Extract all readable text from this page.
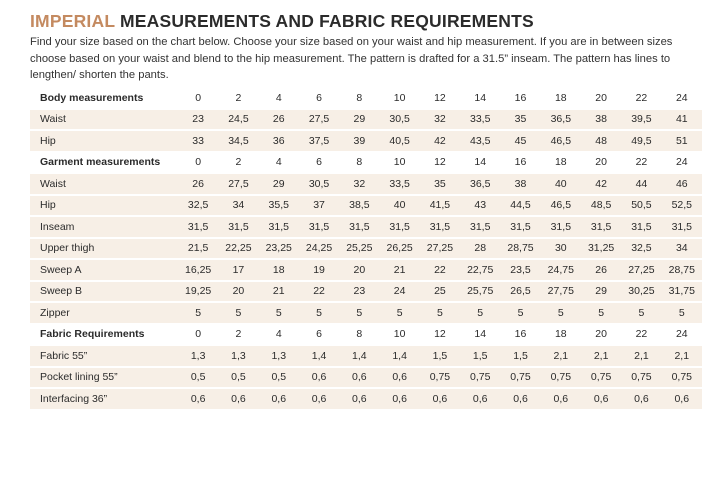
IMPERIAL MEASUREMENTS AND FABRIC REQUIREMENTS
Find your size based on the chart below. Choose your size based on your waist and hip measurement. If you are in between sizes choose based on your waist and blend to the hip measurement. The pattern is drafted for a 31.5” inseam. The pattern has lines to lengthen/ shorten the pants.
Body measurements	0	2	4	6	8	10	12	14	16	18	20	22	24
Waist	23	24,5	26	27,5	29	30,5	32	33,5	35	36,5	38	39,5	41
Hip	33	34,5	36	37,5	39	40,5	42	43,5	45	46,5	48	49,5	51
Garment measurements	0	2	4	6	8	10	12	14	16	18	20	22	24
Waist	26	27,5	29	30,5	32	33,5	35	36,5	38	40	42	44	46
Hip	32,5	34	35,5	37	38,5	40	41,5	43	44,5	46,5	48,5	50,5	52,5
Inseam	31,5	31,5	31,5	31,5	31,5	31,5	31,5	31,5	31,5	31,5	31,5	31,5	31,5
Upper thigh	21,5	22,25	23,25	24,25	25,25	26,25	27,25	28	28,75	30	31,25	32,5	34
Sweep A	16,25	17	18	19	20	21	22	22,75	23,5	24,75	26	27,25	28,75
Sweep B	19,25	20	21	22	23	24	25	25,75	26,5	27,75	29	30,25	31,75
Zipper	5	5	5	5	5	5	5	5	5	5	5	5	5
Fabric Requirements	0	2	4	6	8	10	12	14	16	18	20	22	24
Fabric 55”	1,3	1,3	1,3	1,4	1,4	1,4	1,5	1,5	1,5	2,1	2,1	2,1	2,1
Pocket lining 55”	0,5	0,5	0,5	0,6	0,6	0,6	0,75	0,75	0,75	0,75	0,75	0,75	0,75
Interfacing 36”	0,6	0,6	0,6	0,6	0,6	0,6	0,6	0,6	0,6	0,6	0,6	0,6	0,6
